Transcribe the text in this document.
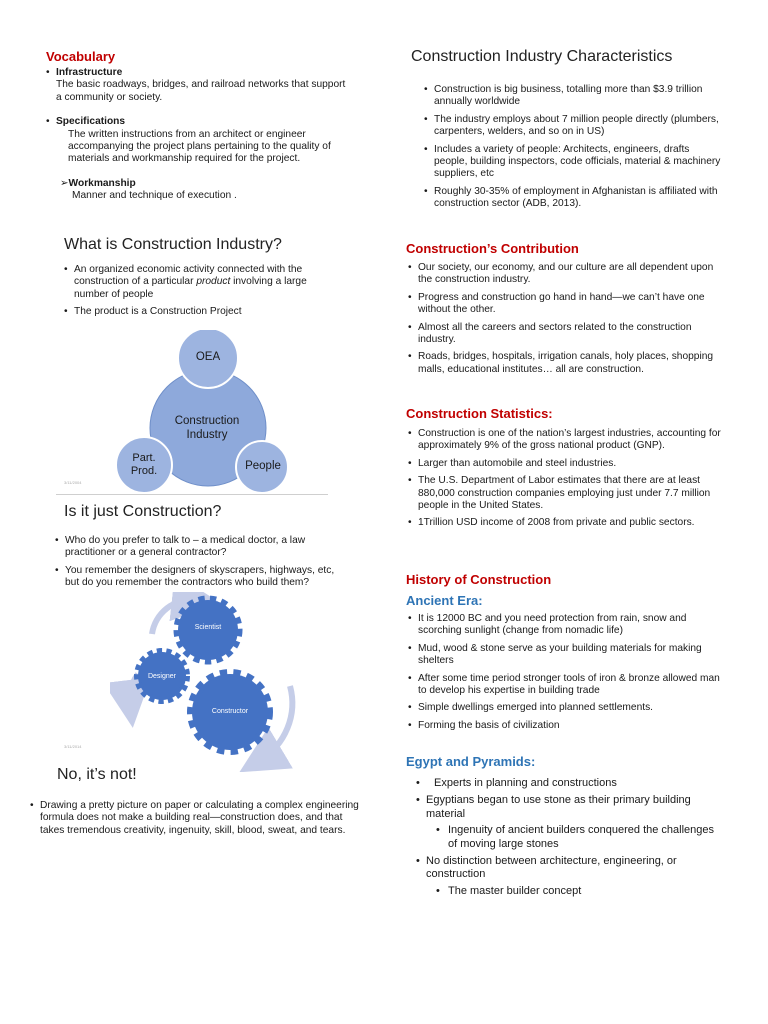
Vocabulary
• Infrastructure
The basic roadways, bridges, and railroad networks that support a community or society.
• Specifications
The written instructions from an architect or engineer accompanying the project plans pertaining to the quality of materials and workmanship required for the project.
➢Workmanship
Manner and technique of execution .
What is Construction Industry?
• An organized economic activity connected with the construction of a particular product involving a large number of people
• The product is a Construction Project
Construction Industry
OEA
Part. Prod.	People
3/11/2004
Is it just Construction?
• Who do you prefer to talk to – a medical doctor, a law practitioner or a general contractor?
• You remember the designers of skyscrapers, highways, etc, but do you remember the contractors who build them?
Scientist
Designer
Constructor
3/11/2014
No, it’s not!
• Drawing a pretty picture on paper or calculating a complex engineering formula does not make a building real—construction does, and that takes tremendous creativity, ingenuity, skill, blood, sweat, and tears.
Construction Industry Characteristics
• Construction is big business, totalling more than $3.9 trillion annually worldwide
• The industry employs about 7 million people directly (plumbers, carpenters, welders, and so on in US)
• Includes a variety of people: Architects, engineers, drafts people, building inspectors, code officials, material & machinery suppliers, etc
• Roughly 30-35% of employment in Afghanistan is affiliated with construction sector (ADB, 2013).
Construction’s Contribution
• Our society, our economy, and our culture are all dependent upon the construction industry.
• Progress and construction go hand in hand—we can’t have one without the other.
• Almost all the careers and sectors related to the construction industry.
• Roads, bridges, hospitals, irrigation canals, holy places, shopping malls, educational institutes… all are construction.
Construction Statistics:
• Construction is one of the nation’s largest industries, accounting for approximately 9% of the gross national product (GNP).
• Larger than automobile and steel industries.
• The U.S. Department of Labor estimates that there are at least 880,000 construction companies employing just under 7.7 million people in the United States.
• 1Trillion USD income of 2008 from private and public sectors.
History of Construction
Ancient Era:
• It is 12000 BC and you need protection from rain, snow and scorching sunlight (change from nomadic life)
• Mud, wood & stone serve as your building materials for making shelters
• After some time period stronger tools of iron & bronze allowed man to develop his expertise in building trade
• Simple dwellings emerged into planned settlements.
• Forming the basis of civilization
Egypt and Pyramids:
• Experts in planning and constructions
• Egyptians began to use stone as their primary building material
• Ingenuity of ancient builders conquered the challenges of moving large stones
• No distinction between architecture, engineering, or construction
• The master builder concept
